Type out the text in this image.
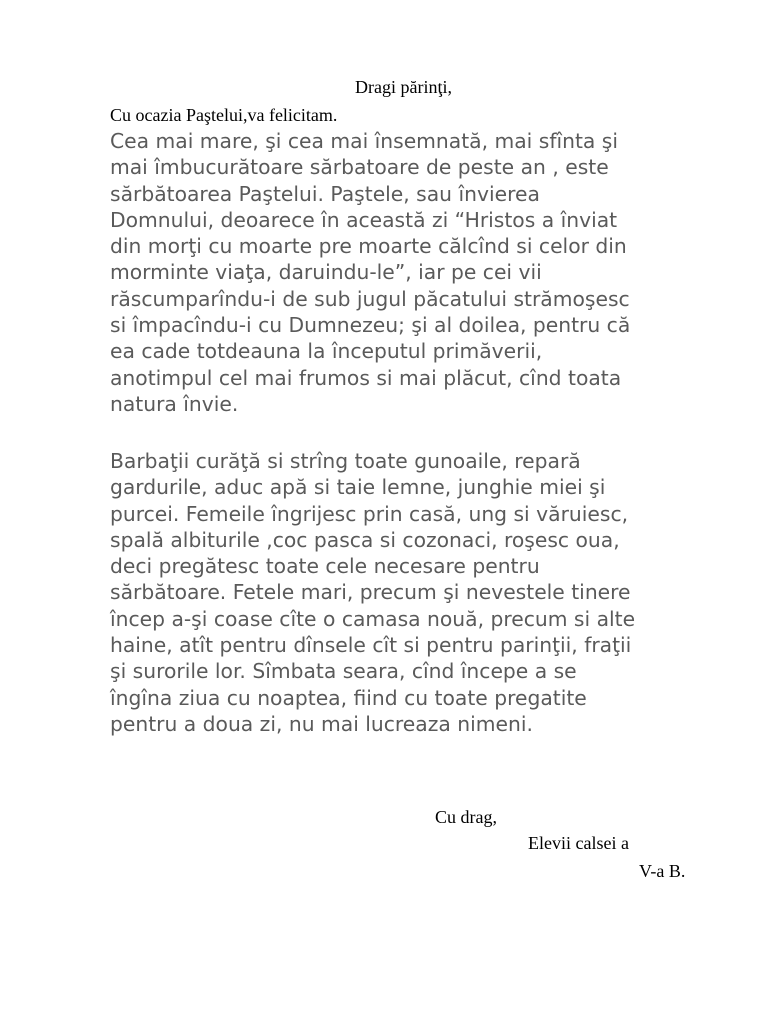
Dragi părinţi,
Cu ocazia Paştelui,va felicitam.
Cea mai mare, şi cea mai însemnată, mai sfînta şi
mai îmbucurătoare sărbatoare de peste an , este
sărbătoarea Paştelui. Paştele, sau învierea
Domnului, deoarece în această zi “Hristos a înviat
din morţi cu moarte pre moarte călcînd si celor din
morminte viaţa, daruindu-le”, iar pe cei vii
răscumparîndu-i de sub jugul păcatului strămoşesc
si împacîndu-i cu Dumnezeu; şi al doilea, pentru că
ea cade totdeauna la începutul primăverii,
anotimpul cel mai frumos si mai plăcut, cînd toata
natura învie.
Barbaţii curăţă si strîng toate gunoaile, repară
gardurile, aduc apă si taie lemne, junghie miei şi
purcei. Femeile îngrijesc prin casă, ung si văruiesc,
spală albiturile ,coc pasca si cozonaci, roşesc oua,
deci pregătesc toate cele necesare pentru
sărbătoare. Fetele mari, precum şi nevestele tinere
încep a-şi coase cîte o camasa nouă, precum si alte
haine, atît pentru dînsele cît si pentru parinţii, fraţii
şi surorile lor. Sîmbata seara, cînd începe a se
îngîna ziua cu noaptea, fiind cu toate pregatite
pentru a doua zi, nu mai lucreaza nimeni.
Cu drag,
Elevii calsei a
V-a B.
